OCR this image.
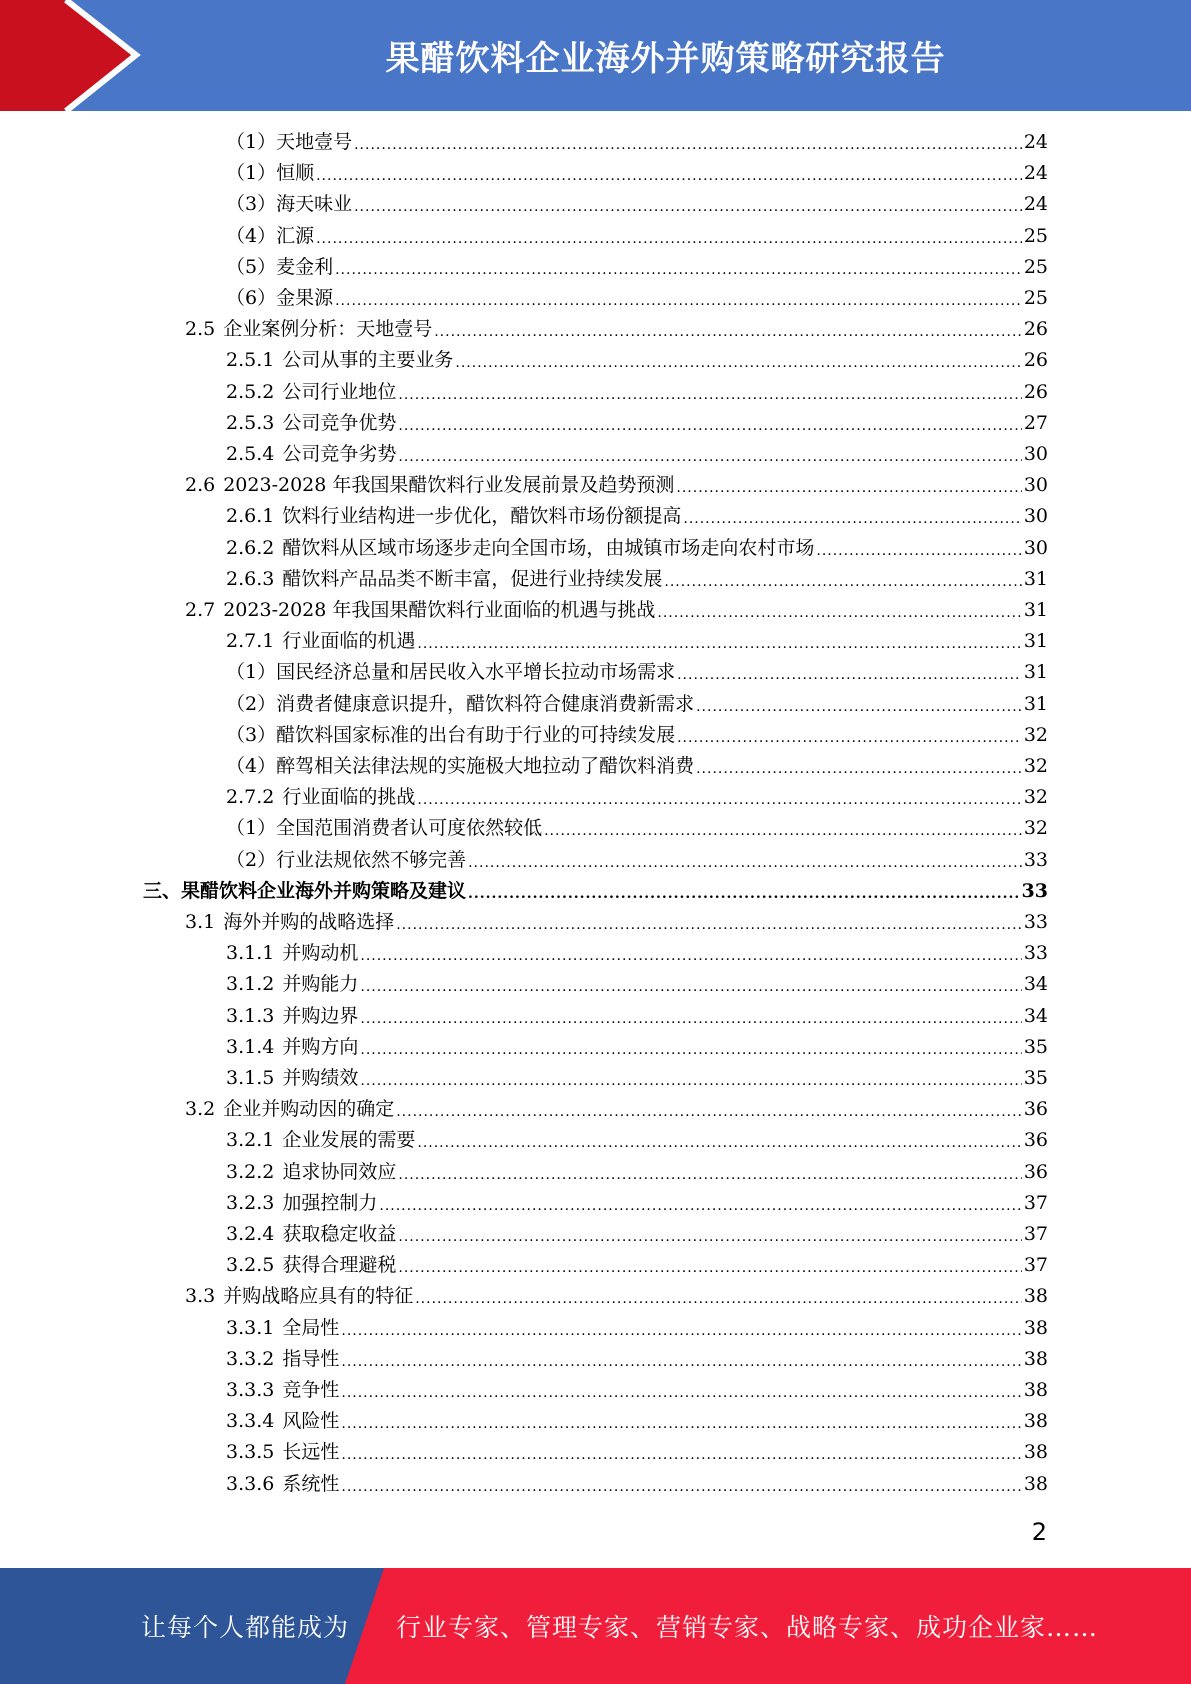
果醋饮料企业海外并购策略研究报告
（1） 天地壹号 .....	24
（1） 恒顺 .....	24
（3） 海天味业 .....	24
（4） 汇源 .....	25
（5） 麦金利 .....	25
（6） 金果源 .....	25
2.5 企业案例分析：天地壹号 .....	26
2.5.1 公司从事的主要业务 .....	26
2.5.2 公司行业地位 .....	26
2.5.3 公司竞争优势 .....	27
2.5.4 公司竞争劣势 .....	30
2.6 2023-2028 年我国果醋饮料行业发展前景及趋势预测 .....	30
2.6.1 饮料行业结构进一步优化，醋饮料市场份额提高 .....	30
2.6.2 醋饮料从区域市场逐步走向全国市场，由城镇市场走向农村市场 .....	30
2.6.3 醋饮料产品品类不断丰富，促进行业持续发展 .....	31
2.7 2023-2028 年我国果醋饮料行业面临的机遇与挑战 .....	31
2.7.1 行业面临的机遇 .....	31
（1） 国民经济总量和居民收入水平增长拉动市场需求 .....	31
（2） 消费者健康意识提升，醋饮料符合健康消费新需求 .....	31
（3） 醋饮料国家标准的出台有助于行业的可持续发展 .....	32
（4） 醉驾相关法律法规的实施极大地拉动了醋饮料消费 .....	32
2.7.2 行业面临的挑战 .....	32
（1） 全国范围消费者认可度依然较低 .....	32
（2） 行业法规依然不够完善 .....	33
三、 果醋饮料企业海外并购策略及建议 .....	33
3.1 海外并购的战略选择 .....	33
3.1.1 并购动机 .....	33
3.1.2 并购能力 .....	34
3.1.3 并购边界 .....	34
3.1.4 并购方向 .....	35
3.1.5 并购绩效 .....	35
3.2 企业并购动因的确定 .....	36
3.2.1 企业发展的需要 .....	36
3.2.2 追求协同效应 .....	36
3.2.3 加强控制力 .....	37
3.2.4 获取稳定收益 .....	37
3.2.5 获得合理避税 .....	37
3.3 并购战略应具有的特征 .....	38
3.3.1 全局性 .....	38
3.3.2 指导性 .....	38
3.3.3 竞争性 .....	38
3.3.4 风险性 .....	38
3.3.5 长远性 .....	38
3.3.6 系统性 .....	38
2
让每个人都能成为 行业专家、管理专家、营销专家、战略专家、成功企业家……
